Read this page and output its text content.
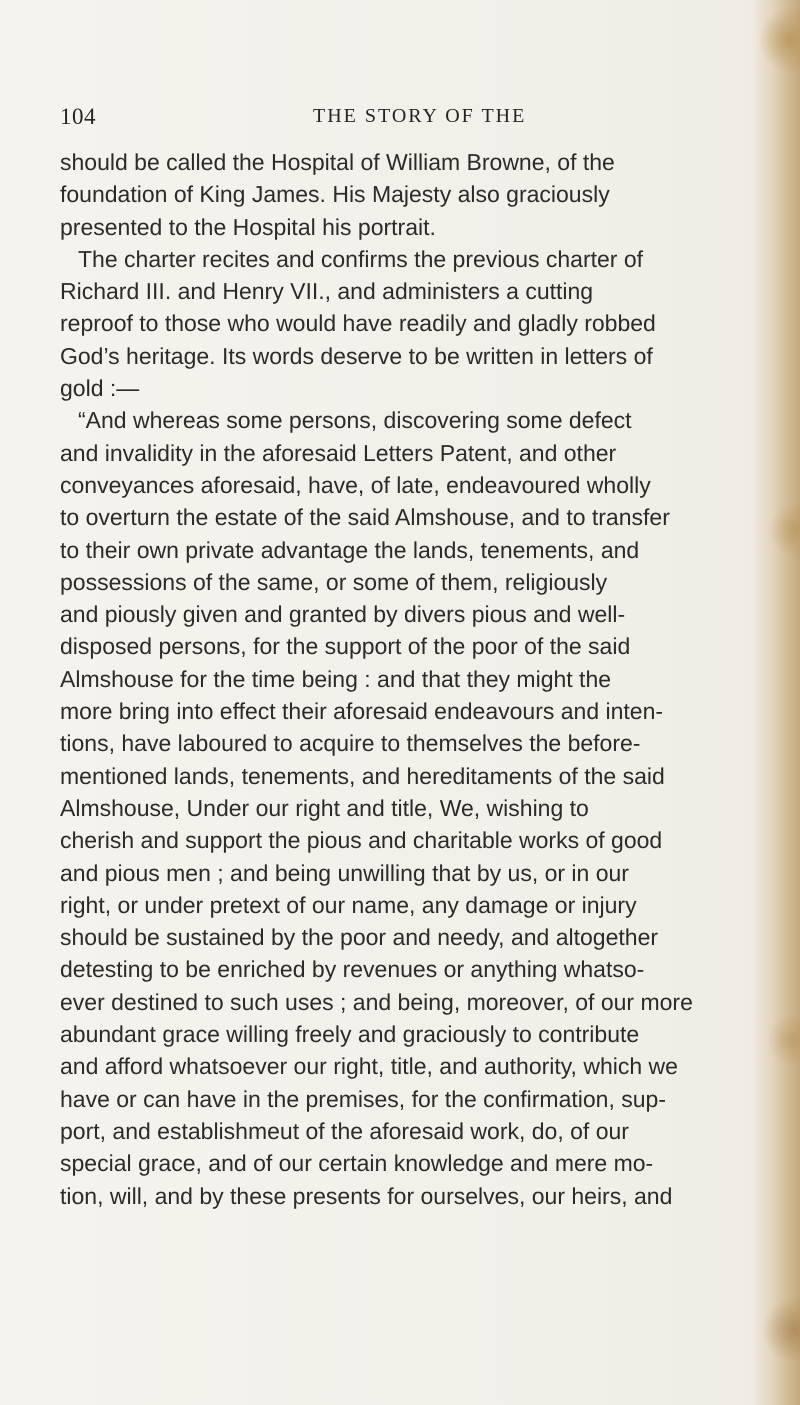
104	THE STORY OF THE
should be called the Hospital of William Browne, of the
foundation of King James. His Majesty also graciously
presented to the Hospital his portrait.
The charter recites and confirms the previous charter of
Richard III. and Henry VII., and administers a cutting
reproof to those who would have readily and gladly robbed
God’s heritage. Its words deserve to be written in letters of
gold :—
“And whereas some persons, discovering some defect
and invalidity in the aforesaid Letters Patent, and other
conveyances aforesaid, have, of late, endeavoured wholly
to overturn the estate of the said Almshouse, and to transfer
to their own private advantage the lands, tenements, and
possessions of the same, or some of them, religiously
and piously given and granted by divers pious and well-
disposed persons, for the support of the poor of the said
Almshouse for the time being : and that they might the
more bring into effect their aforesaid endeavours and inten-
tions, have laboured to acquire to themselves the before-
mentioned lands, tenements, and hereditaments of the said
Almshouse, Under our right and title, We, wishing to
cherish and support the pious and charitable works of good
and pious men ; and being unwilling that by us, or in our
right, or under pretext of our name, any damage or injury
should be sustained by the poor and needy, and altogether
detesting to be enriched by revenues or anything whatso-
ever destined to such uses ; and being, moreover, of our more
abundant grace willing freely and graciously to contribute
and afford whatsoever our right, title, and authority, which we
have or can have in the premises, for the confirmation, sup-
port, and establishmeut of the aforesaid work, do, of our
special grace, and of our certain knowledge and mere mo-
tion, will, and by these presents for ourselves, our heirs, and
